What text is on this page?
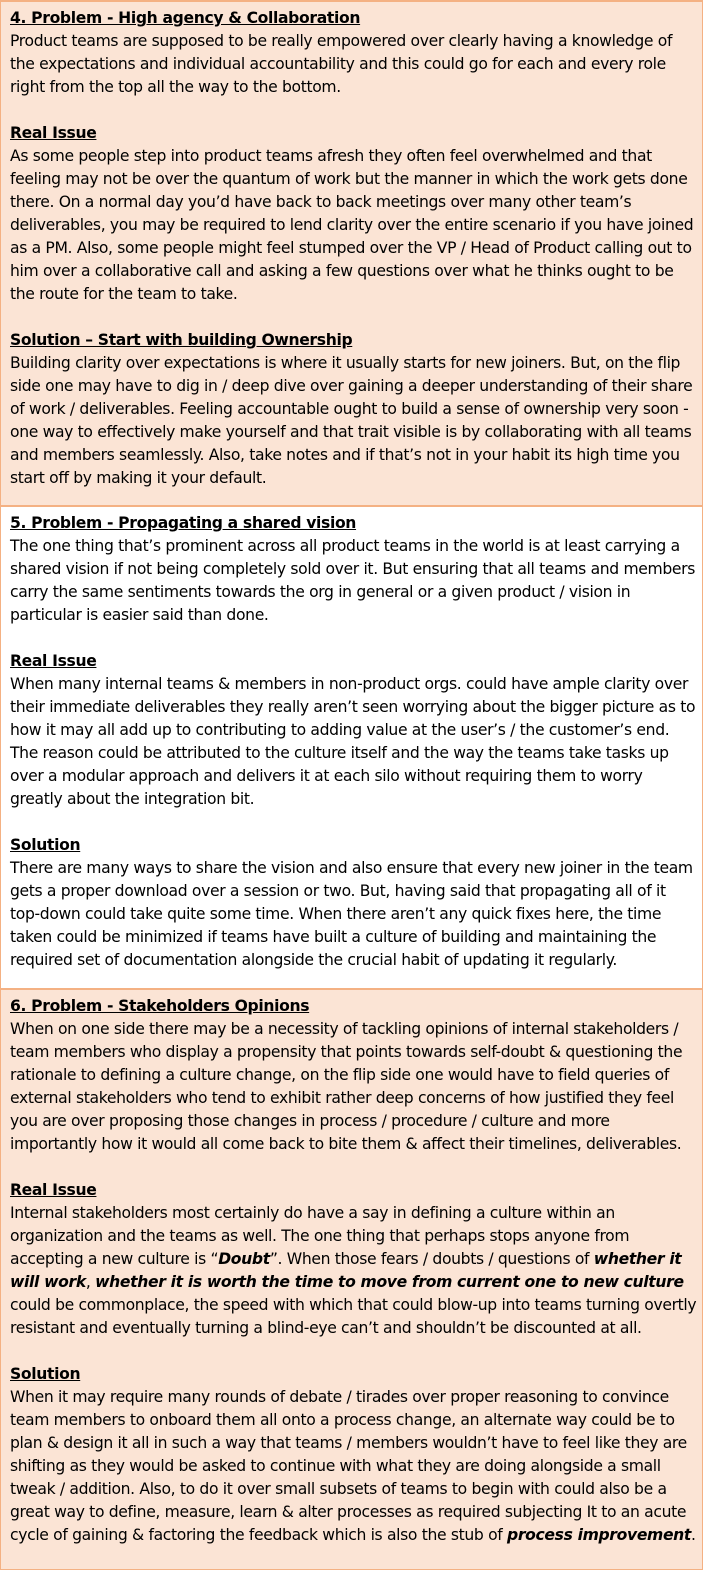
4. Problem - High agency & Collaboration

Product teams are supposed to be really empowered over clearly having a knowledge of the expectations and individual accountability and this could go for each and every role right from the top all the way to the bottom.

Real Issue

As some people step into product teams afresh they often feel overwhelmed and that feeling may not be over the quantum of work but the manner in which the work gets done there. On a normal day you’d have back to back meetings over many other team’s deliverables, you may be required to lend clarity over the entire scenario if you have joined as a PM. Also, some people might feel stumped over the VP / Head of Product calling out to him over a collaborative call and asking a few questions over what he thinks ought to be the route for the team to take.

Solution – Start with building Ownership

Building clarity over expectations is where it usually starts for new joiners. But, on the flip side one may have to dig in / deep dive over gaining a deeper understanding of their share of work / deliverables. Feeling accountable ought to build a sense of ownership very soon - one way to effectively make yourself and that trait visible is by collaborating with all teams and members seamlessly. Also, take notes and if that’s not in your habit its high time you start off by making it your default.

5. Problem - Propagating a shared vision

The one thing that’s prominent across all product teams in the world is at least carrying a shared vision if not being completely sold over it. But ensuring that all teams and members carry the same sentiments towards the org in general or a given product / vision in particular is easier said than done.

Real Issue

When many internal teams & members in non-product orgs. could have ample clarity over their immediate deliverables they really aren’t seen worrying about the bigger picture as to how it may all add up to contributing to adding value at the user’s / the customer’s end. The reason could be attributed to the culture itself and the way the teams take tasks up over a modular approach and delivers it at each silo without requiring them to worry greatly about the integration bit.

Solution

There are many ways to share the vision and also ensure that every new joiner in the team gets a proper download over a session or two. But, having said that propagating all of it top-down could take quite some time. When there aren’t any quick fixes here, the time taken could be minimized if teams have built a culture of building and maintaining the required set of documentation alongside the crucial habit of updating it regularly.

6. Problem - Stakeholders Opinions

When on one side there may be a necessity of tackling opinions of internal stakeholders / team members who display a propensity that points towards self-doubt & questioning the rationale to defining a culture change, on the flip side one would have to field queries of external stakeholders who tend to exhibit rather deep concerns of how justified they feel you are over proposing those changes in process / procedure / culture and more importantly how it would all come back to bite them & affect their timelines, deliverables.

Real Issue

Internal stakeholders most certainly do have a say in defining a culture within an organization and the teams as well. The one thing that perhaps stops anyone from accepting a new culture is “Doubt”. When those fears / doubts / questions of whether it will work, whether it is worth the time to move from current one to new culture could be commonplace, the speed with which that could blow-up into teams turning overtly resistant and eventually turning a blind-eye can’t and shouldn’t be discounted at all.

Solution

When it may require many rounds of debate / tirades over proper reasoning to convince team members to onboard them all onto a process change, an alternate way could be to plan & design it all in such a way that teams / members wouldn’t have to feel like they are shifting as they would be asked to continue with what they are doing alongside a small tweak / addition. Also, to do it over small subsets of teams to begin with could also be a great way to define, measure, learn & alter processes as required subjecting It to an acute cycle of gaining & factoring the feedback which is also the stub of process improvement.
